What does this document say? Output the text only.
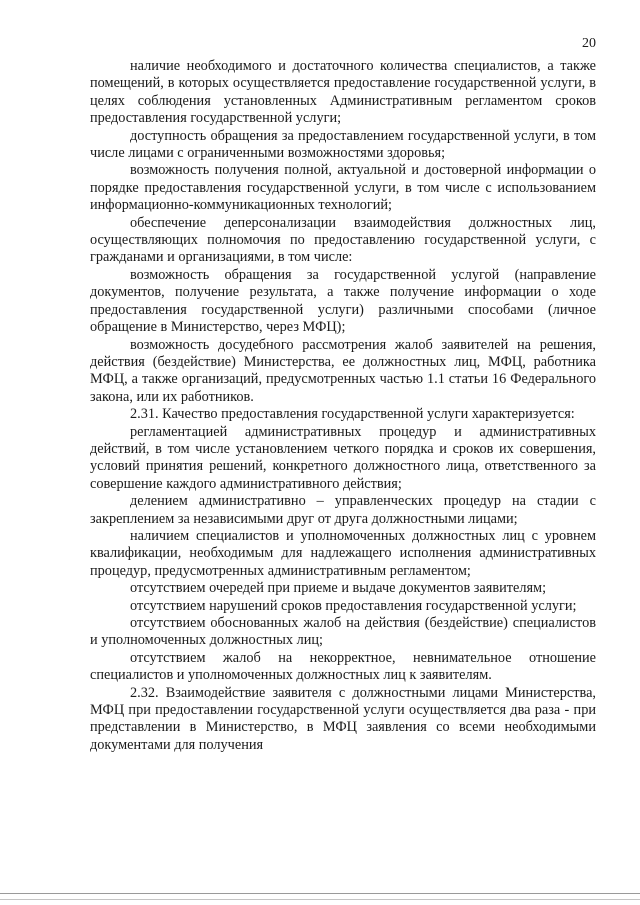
20

наличие необходимого и достаточного количества специалистов, а также помещений, в которых осуществляется предоставление государственной услуги, в целях соблюдения установленных Административным регламентом сроков предоставления государственной услуги;

доступность обращения за предоставлением государственной услуги, в том числе лицами с ограниченными возможностями здоровья;

возможность получения полной, актуальной и достоверной информации о порядке предоставления государственной услуги, в том числе с использованием информационно-коммуникационных технологий;

обеспечение деперсонализации взаимодействия должностных лиц, осуществляющих полномочия по предоставлению государственной услуги, с гражданами и организациями, в том числе:

возможность обращения за государственной услугой (направление документов, получение результата, а также получение информации о ходе предоставления государственной услуги) различными способами (личное обращение в Министерство, через МФЦ);

возможность досудебного рассмотрения жалоб заявителей на решения, действия (бездействие) Министерства, ее должностных лиц, МФЦ, работника МФЦ, а также организаций, предусмотренных частью 1.1 статьи 16 Федерального закона, или их работников.

2.31. Качество предоставления государственной услуги характеризуется:

регламентацией административных процедур и административных действий, в том числе установлением четкого порядка и сроков их совершения, условий принятия решений, конкретного должностного лица, ответственного за совершение каждого административного действия;

делением административно – управленческих процедур на стадии с закреплением за независимыми друг от друга должностными лицами;

наличием специалистов и уполномоченных должностных лиц с уровнем квалификации, необходимым для надлежащего исполнения административных процедур, предусмотренных административным регламентом;

отсутствием очередей при приеме и выдаче документов заявителям;

отсутствием нарушений сроков предоставления государственной услуги;

отсутствием обоснованных жалоб на действия (бездействие) специалистов и уполномоченных должностных лиц;

отсутствием жалоб на некорректное, невнимательное отношение специалистов и уполномоченных должностных лиц к заявителям.

2.32. Взаимодействие заявителя с должностными лицами Министерства, МФЦ при предоставлении государственной услуги осуществляется два раза - при представлении в Министерство, в МФЦ заявления со всеми необходимыми документами для получения
